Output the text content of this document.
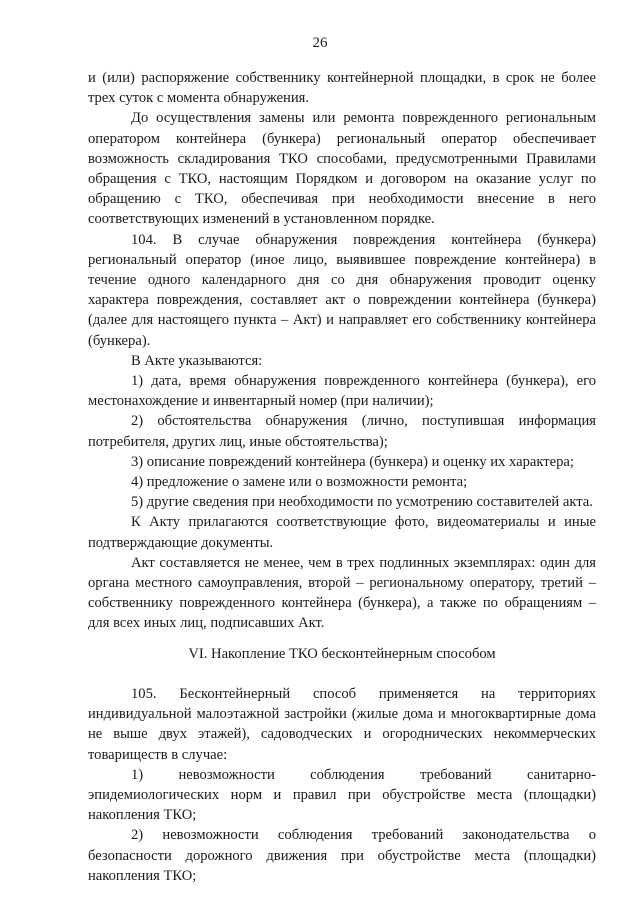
26

и (или) распоряжение собственнику контейнерной площадки, в срок не более трех суток с момента обнаружения.

До осуществления замены или ремонта поврежденного региональным оператором контейнера (бункера) региональный оператор обеспечивает возможность складирования ТКО способами, предусмотренными Правилами обращения с ТКО, настоящим Порядком и договором на оказание услуг по обращению с ТКО, обеспечивая при необходимости внесение в него соответствующих изменений в установленном порядке.

104. В случае обнаружения повреждения контейнера (бункера) региональный оператор (иное лицо, выявившее повреждение контейнера) в течение одного календарного дня со дня обнаружения проводит оценку характера повреждения, составляет акт о повреждении контейнера (бункера) (далее для настоящего пункта – Акт) и направляет его собственнику контейнера (бункера).

В Акте указываются:

1) дата, время обнаружения поврежденного контейнера (бункера), его местонахождение и инвентарный номер (при наличии);

2) обстоятельства обнаружения (лично, поступившая информация потребителя, других лиц, иные обстоятельства);

3) описание повреждений контейнера (бункера) и оценку их характера;

4) предложение о замене или о возможности ремонта;

5) другие сведения при необходимости по усмотрению составителей акта.

К Акту прилагаются соответствующие фото, видеоматериалы и иные подтверждающие документы.

Акт составляется не менее, чем в трех подлинных экземплярах: один для органа местного самоуправления, второй – региональному оператору, третий – собственнику поврежденного контейнера (бункера), а также по обращениям – для всех иных лиц, подписавших Акт.

VI. Накопление ТКО бесконтейнерным способом

105. Бесконтейнерный способ применяется на территориях индивидуальной малоэтажной застройки (жилые дома и многоквартирные дома не выше двух этажей), садоводческих и огороднических некоммерческих товариществ в случае:

1) невозможности соблюдения требований санитарно-эпидемиологических норм и правил при обустройстве места (площадки) накопления ТКО;

2) невозможности соблюдения требований законодательства о безопасности дорожного движения при обустройстве места (площадки) накопления ТКО;
